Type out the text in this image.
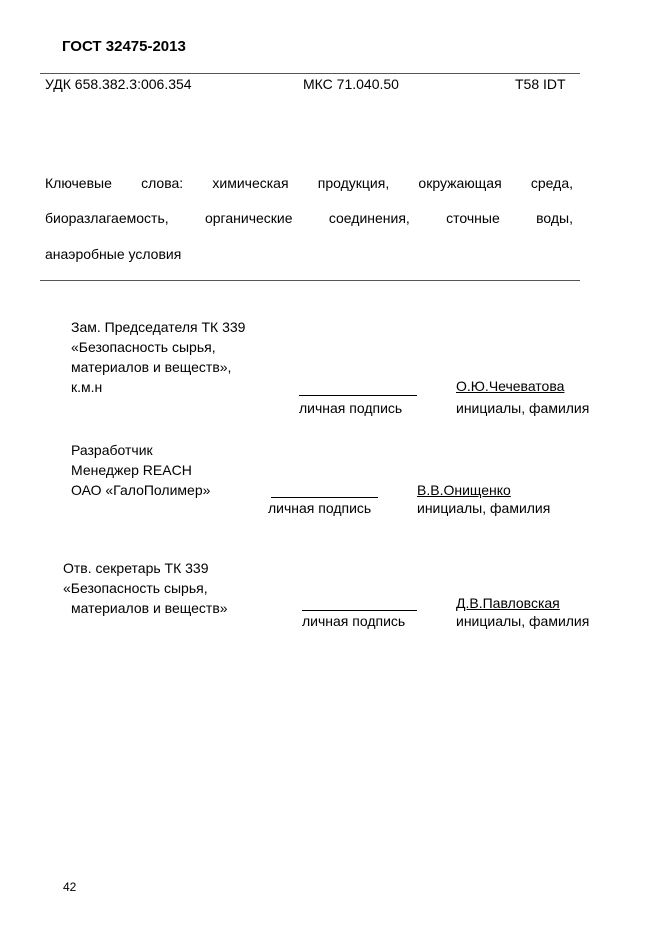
ГОСТ 32475-2013
УДК 658.382.3:006.354	МКС 71.040.50	Т58 IDT
Ключевые слова: химическая продукция, окружающая среда,
биоразлагаемость, органические соединения, сточные воды,
анаэробные условия
Зам. Председателя ТК 339
«Безопасность сырья,
материалов и веществ»,
к.м.н
личная подпись
О.Ю.Чечеватова
инициалы, фамилия
Разработчик
Менеджер REACH
ОАО «ГалоПолимер»
личная подпись
В.В.Онищенко
инициалы, фамилия
Отв. секретарь ТК 339
«Безопасность сырья,
материалов и веществ»
личная подпись
Д.В.Павловская
инициалы, фамилия
42
